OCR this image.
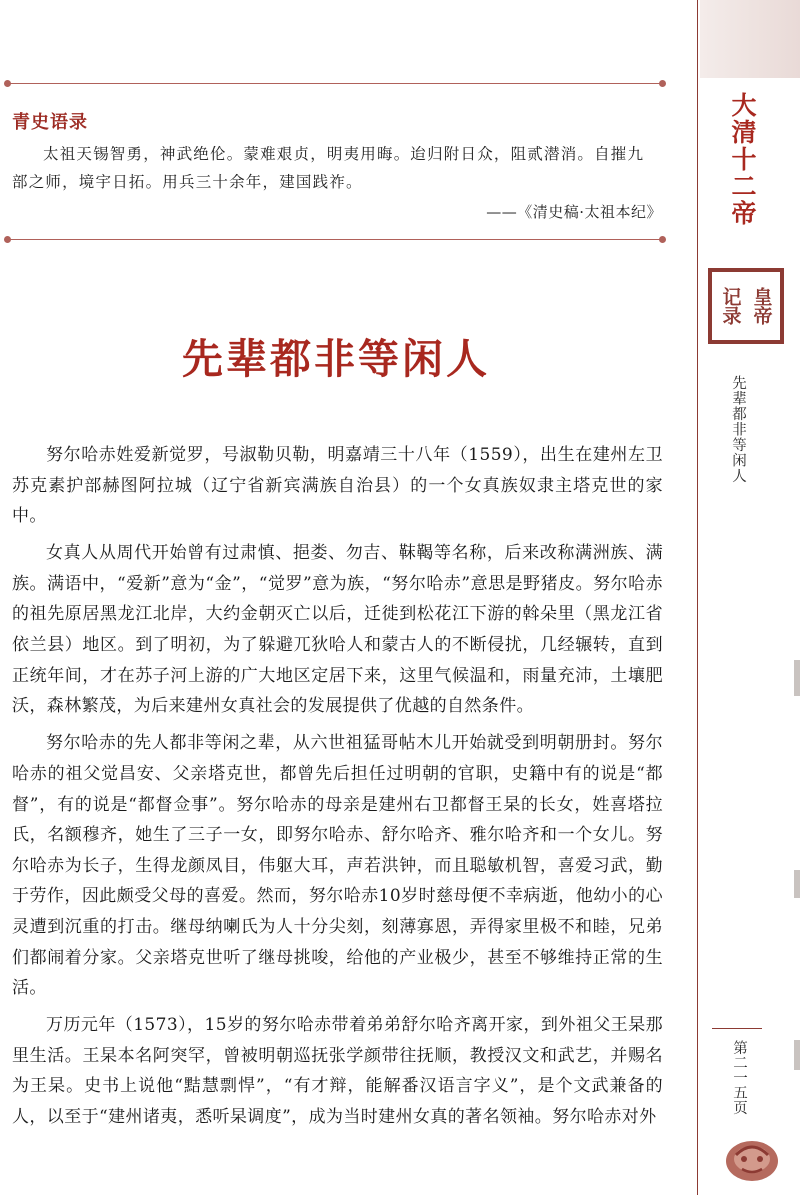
青史语录
太祖天锡智勇，神武绝伦。蒙难艰贞，明夷用晦。迨归附日众，阻贰潜消。自摧九部之师，境宇日拓。用兵三十余年，建国践祚。
——《清史稿·太祖本纪》
先辈都非等闲人

努尔哈赤姓爱新觉罗，号淑勒贝勒，明嘉靖三十八年（1559），出生在建州左卫苏克素护部赫图阿拉城（辽宁省新宾满族自治县）的一个女真族奴隶主塔克世的家中。

女真人从周代开始曾有过肃慎、挹娄、勿吉、靺鞨等名称，后来改称满洲族、满族。满语中，“爱新”意为“金”，“觉罗”意为族，“努尔哈赤”意思是野猪皮。努尔哈赤的祖先原居黑龙江北岸，大约金朝灭亡以后，迁徙到松花江下游的斡朵里（黑龙江省依兰县）地区。到了明初，为了躲避兀狄哈人和蒙古人的不断侵扰，几经辗转，直到正统年间，才在苏子河上游的广大地区定居下来，这里气候温和，雨量充沛，土壤肥沃，森林繁茂，为后来建州女真社会的发展提供了优越的自然条件。

努尔哈赤的先人都非等闲之辈，从六世祖猛哥帖木儿开始就受到明朝册封。努尔哈赤的祖父觉昌安、父亲塔克世，都曾先后担任过明朝的官职，史籍中有的说是“都督”，有的说是“都督佥事”。努尔哈赤的母亲是建州右卫都督王杲的长女，姓喜塔拉氏，名额穆齐，她生了三子一女，即努尔哈赤、舒尔哈齐、雅尔哈齐和一个女儿。努尔哈赤为长子，生得龙颜凤目，伟躯大耳，声若洪钟，而且聪敏机智，喜爱习武，勤于劳作，因此颇受父母的喜爱。然而，努尔哈赤10岁时慈母便不幸病逝，他幼小的心灵遭到沉重的打击。继母纳喇氏为人十分尖刻，刻薄寡恩，弄得家里极不和睦，兄弟们都闹着分家。父亲塔克世听了继母挑唆，给他的产业极少，甚至不够维持正常的生活。

万历元年（1573），15岁的努尔哈赤带着弟弟舒尔哈齐离开家，到外祖父王杲那里生活。王杲本名阿突罕，曾被明朝巡抚张学颜带往抚顺，教授汉文和武艺，并赐名为王杲。史书上说他“黠慧剽悍”，“有才辩，能解番汉语言字义”，是个文武兼备的人，以至于“建州诸夷，悉听杲调度”，成为当时建州女真的著名领袖。努尔哈赤对外

大清十二帝
记录 皇帝
先辈都非等闲人
第二一五页
